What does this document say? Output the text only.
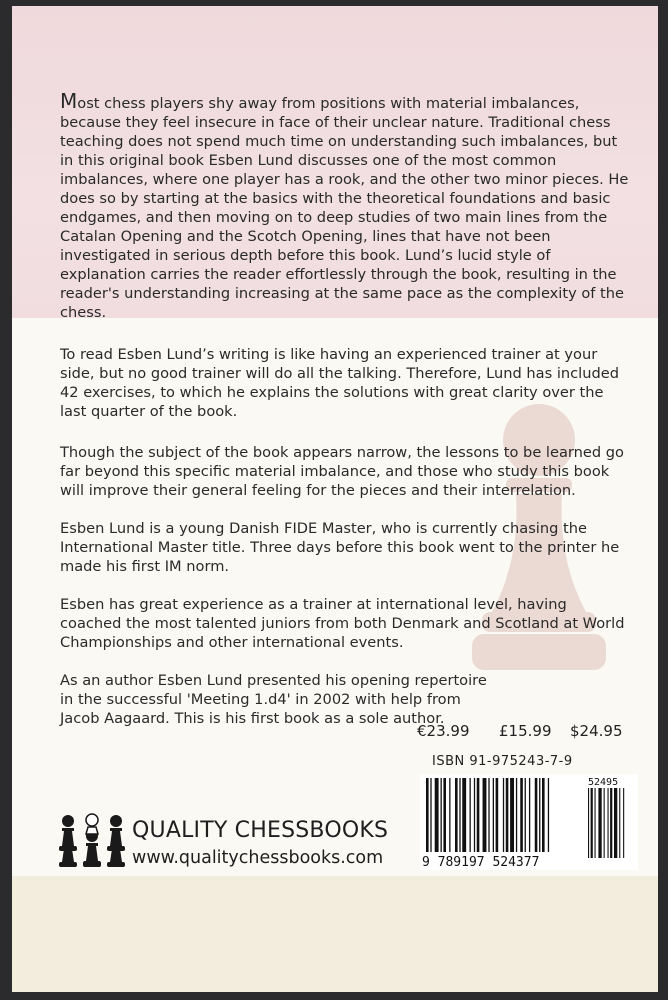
Most chess players shy away from positions with material imbalances, because they feel insecure in face of their unclear nature. Traditional chess teaching does not spend much time on understanding such imbalances, but in this original book Esben Lund discusses one of the most common imbalances, where one player has a rook, and the other two minor pieces. He does so by starting at the basics with the theoretical foundations and basic endgames, and then moving on to deep studies of two main lines from the Catalan Opening and the Scotch Opening, lines that have not been investigated in serious depth before this book. Lund’s lucid style of explanation carries the reader effortlessly through the book, resulting in the reader's understanding increasing at the same pace as the complexity of the chess.

To read Esben Lund’s writing is like having an experienced trainer at your side, but no good trainer will do all the talking. Therefore, Lund has included 42 exercises, to which he explains the solutions with great clarity over the last quarter of the book.

Though the subject of the book appears narrow, the lessons to be learned go far beyond this specific material imbalance, and those who study this book will improve their general feeling for the pieces and their interrelation.

Esben Lund is a young Danish FIDE Master, who is currently chasing the International Master title. Three days before this book went to the printer he made his first IM norm.

Esben has great experience as a trainer at international level, having coached the most talented juniors from both Denmark and Scotland at World Championships and other international events.

As an author Esben Lund presented his opening repertoire in the successful 'Meeting 1.d4' in 2002 with help from Jacob Aagaard. This is his first book as a sole author.

€23.99 £15.99 $24.95
ISBN 91-975243-7-9
9 789197 524377
52495
QUALITY CHESSBOOKS
www.qualitychessbooks.com
